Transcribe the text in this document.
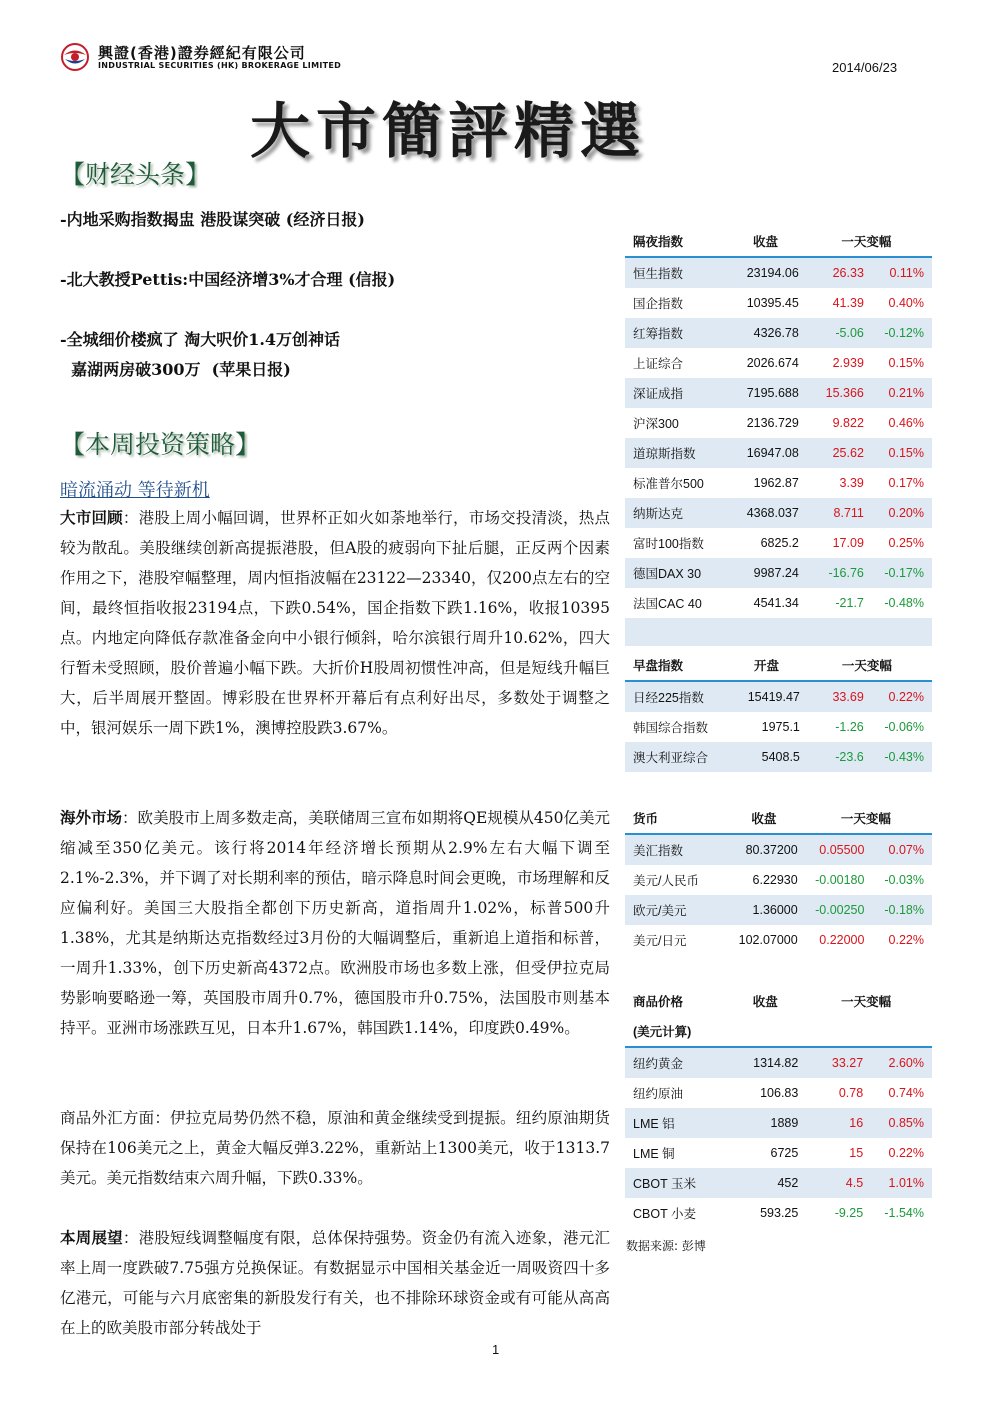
興證(香港)證券經紀有限公司
INDUSTRIAL SECURITIES (HK) BROKERAGE LIMITED	2014/06/23
大市簡評精選
【财经头条】
-内地采购指数揭盅 港股谋突破 (经济日报)
-北大教授Pettis:中国经济增3%才合理 (信报)
-全城细价楼疯了 淘大呎价1.4万创神话
嘉湖两房破300万  (苹果日报)
【本周投资策略】
暗流涌动 等待新机
大市回顾：港股上周小幅回调，世界杯正如火如荼地举行，市场交投清淡，热点较为散乱。美股继续创新高提振港股，但A股的疲弱向下扯后腿，正反两个因素作用之下，港股窄幅整理，周内恒指波幅在23122—23340，仅200点左右的空间，最终恒指收报23194点，下跌0.54%，国企指数下跌1.16%，收报10395点。内地定向降低存款准备金向中小银行倾斜，哈尔滨银行周升10.62%，四大行暂未受照顾，股价普遍小幅下跌。大折价H股周初惯性冲高，但是短线升幅巨大，后半周展开整固。博彩股在世界杯开幕后有点利好出尽，多数处于调整之中，银河娱乐一周下跌1%，澳博控股跌3.67%。
海外市场：欧美股市上周多数走高，美联储周三宣布如期将QE规模从450亿美元缩减至350亿美元。该行将2014年经济增长预期从2.9%左右大幅下调至2.1%-2.3%，并下调了对长期利率的预估，暗示降息时间会更晚，市场理解和反应偏利好。美国三大股指全都创下历史新高，道指周升1.02%，标普500升1.38%，尤其是纳斯达克指数经过3月份的大幅调整后，重新追上道指和标普，一周升1.33%，创下历史新高4372点。欧洲股市场也多数上涨，但受伊拉克局势影响要略逊一筹，英国股市周升0.7%，德国股市升0.75%，法国股市则基本持平。亚洲市场涨跌互见，日本升1.67%，韩国跌1.14%，印度跌0.49%。
商品外汇方面：伊拉克局势仍然不稳，原油和黄金继续受到提振。纽约原油期货保持在106美元之上，黄金大幅反弹3.22%，重新站上1300美元，收于1313.7美元。美元指数结束六周升幅，下跌0.33%。
本周展望：港股短线调整幅度有限，总体保持强势。资金仍有流入迹象，港元汇率上周一度跌破7.75强方兑换保证。有数据显示中国相关基金近一周吸资四十多亿港元，可能与六月底密集的新股发行有关，也不排除环球资金或有可能从高高在上的欧美股市部分转战处于
隔夜指数	收盘	一天变幅	
恒生指数	23194.06	26.33	0.11%
国企指数	10395.45	41.39	0.40%
红筹指数	4326.78	-5.06	-0.12%
上证综合	2026.674	2.939	0.15%
深证成指	7195.688	15.366	0.21%
沪深300	2136.729	9.822	0.46%
道琼斯指数	16947.08	25.62	0.15%
标准普尔500	1962.87	3.39	0.17%
纳斯达克	4368.037	8.711	0.20%
富时100指数	6825.2	17.09	0.25%
德国DAX 30	9987.24	-16.76	-0.17%
法国CAC 40	4541.34	-21.7	-0.48%

早盘指数	开盘	一天变幅	
日经225指数	15419.47	33.69	0.22%
韩国综合指数	1975.1	-1.26	-0.06%
澳大利亚综合	5408.5	-23.6	-0.43%
货币	收盘	一天变幅	
美汇指数	80.37200	0.05500	0.07%
美元/人民币	6.22930	-0.00180	-0.03%
欧元/美元	1.36000	-0.00250	-0.18%
美元/日元	102.07000	0.22000	0.22%
商品价格	收盘	一天变幅	
(美元计算)			
纽约黄金	1314.82	33.27	2.60%
纽约原油	106.83	0.78	0.74%
LME 铝	1889	16	0.85%
LME 铜	6725	15	0.22%
CBOT 玉米	452	4.5	1.01%
CBOT 小麦	593.25	-9.25	-1.54%
数据来源: 彭博
1
